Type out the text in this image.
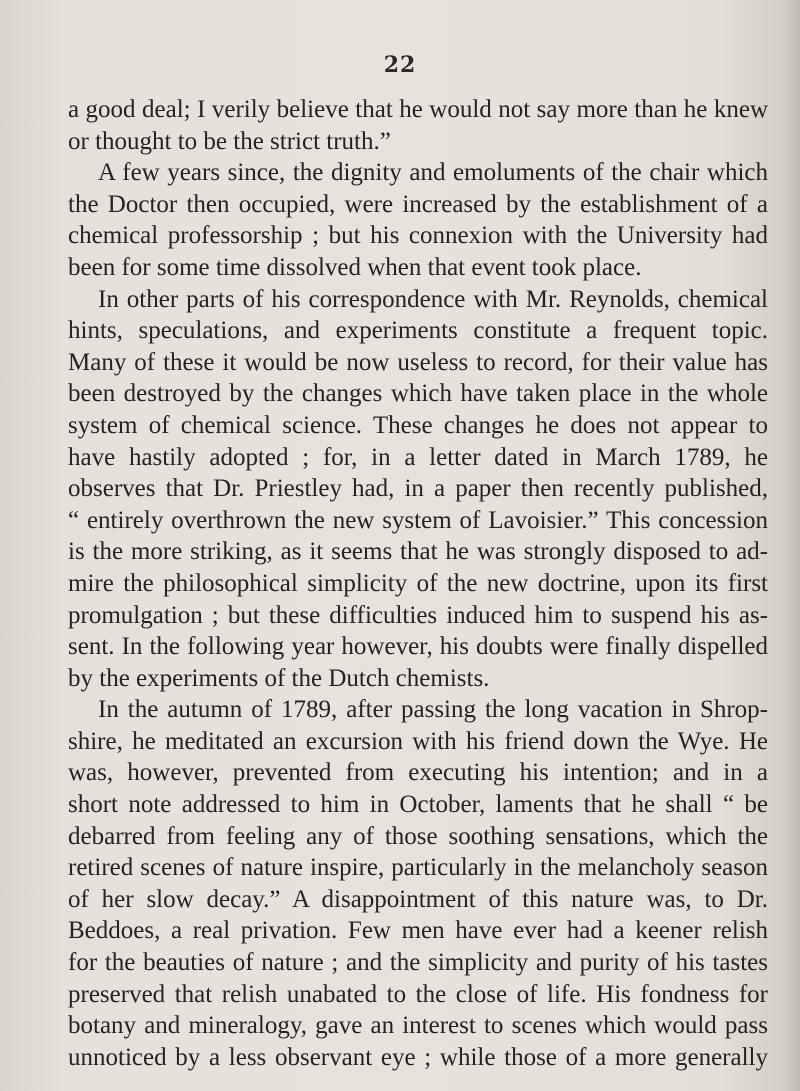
22
a good deal; I verily believe that he would not say more than he knew
or thought to be the strict truth.”
A few years since, the dignity and emoluments of the chair which
the Doctor then occupied, were increased by the establishment of a
chemical professorship ; but his connexion with the University had
been for some time dissolved when that event took place.
In other parts of his correspondence with Mr. Reynolds, chemical
hints, speculations, and experiments constitute a frequent topic.
Many of these it would be now useless to record, for their value has
been destroyed by the changes which have taken place in the whole
system of chemical science. These changes he does not appear to
have hastily adopted ; for, in a letter dated in March 1789, he
observes that Dr. Priestley had, in a paper then recently published,
“ entirely overthrown the new system of Lavoisier.” This concession
is the more striking, as it seems that he was strongly disposed to ad-
mire the philosophical simplicity of the new doctrine, upon its first
promulgation ; but these difficulties induced him to suspend his as-
sent. In the following year however, his doubts were finally dispelled
by the experiments of the Dutch chemists.
In the autumn of 1789, after passing the long vacation in Shrop-
shire, he meditated an excursion with his friend down the Wye. He
was, however, prevented from executing his intention; and in a
short note addressed to him in October, laments that he shall “ be
debarred from feeling any of those soothing sensations, which the
retired scenes of nature inspire, particularly in the melancholy season
of her slow decay.” A disappointment of this nature was, to Dr.
Beddoes, a real privation. Few men have ever had a keener relish
for the beauties of nature ; and the simplicity and purity of his tastes
preserved that relish unabated to the close of life. His fondness for
botany and mineralogy, gave an interest to scenes which would pass
unnoticed by a less observant eye ; while those of a more generally
